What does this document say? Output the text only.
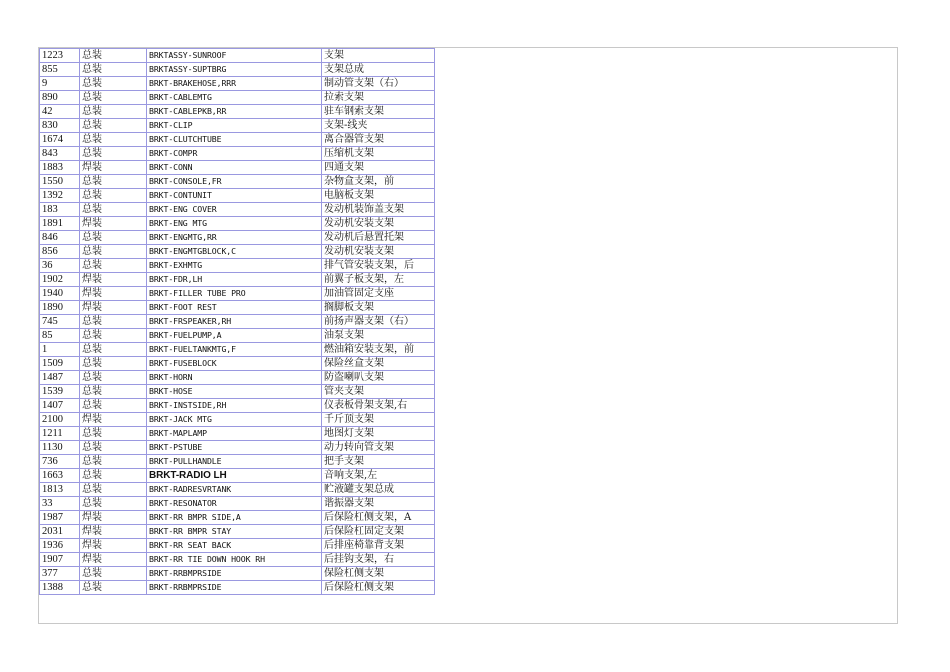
1223	总装	BRKTASSY-SUNROOF	支架
855	总装	BRKTASSY-SUPTBRG	支架总成
9	总装	BRKT-BRAKEHOSE,RRR	制动管支架（右）
890	总装	BRKT-CABLEMTG	拉索支架
42	总装	BRKT-CABLEPKB,RR	驻车钢索支架
830	总装	BRKT-CLIP	支架-线夹
1674	总装	BRKT-CLUTCHTUBE	离合器管支架
843	总装	BRKT-COMPR	压缩机支架
1883	焊装	BRKT-CONN	四通支架
1550	总装	BRKT-CONSOLE,FR	杂物盒支架，前
1392	总装	BRKT-CONTUNIT	电脑板支架
183	总装	BRKT-ENG COVER	发动机装饰盖支架
1891	焊装	BRKT-ENG MTG	发动机安装支架
846	总装	BRKT-ENGMTG,RR	发动机后悬置托架
856	总装	BRKT-ENGMTGBLOCK,C	发动机安装支架
36	总装	BRKT-EXHMTG	排气管安装支架，后
1902	焊装	BRKT-FDR,LH	前翼子板支架，左
1940	焊装	BRKT-FILLER TUBE PRO	加油管固定支座
1890	焊装	BRKT-FOOT REST	搁脚板支架
745	总装	BRKT-FRSPEAKER,RH	前扬声器支架（右）
85	总装	BRKT-FUELPUMP,A	油泵支架
1	总装	BRKT-FUELTANKMTG,F	燃油箱安装支架，前
1509	总装	BRKT-FUSEBLOCK	保险丝盒支架
1487	总装	BRKT-HORN	防盗喇叭支架
1539	总装	BRKT-HOSE	管夹支架
1407	总装	BRKT-INSTSIDE,RH	仪表板骨架支架,右
2100	焊装	BRKT-JACK MTG	千斤顶支架
1211	总装	BRKT-MAPLAMP	地图灯支架
1130	总装	BRKT-PSTUBE	动力转向管支架
736	总装	BRKT-PULLHANDLE	把手支架
1663	总装	BRKT-RADIO LH	音响支架,左
1813	总装	BRKT-RADRESVRTANK	贮液罐支架总成
33	总装	BRKT-RESONATOR	谐振器支架
1987	焊装	BRKT-RR BMPR SIDE,A	后保险杠侧支架，A
2031	焊装	BRKT-RR BMPR STAY	后保险杠固定支架
1936	焊装	BRKT-RR SEAT BACK	后排座椅靠背支架
1907	焊装	BRKT-RR TIE DOWN HOOK RH	后挂钩支架，右
377	总装	BRKT-RRBMPRSIDE	保险杠侧支架
1388	总装	BRKT-RRBMPRSIDE	后保险杠侧支架
